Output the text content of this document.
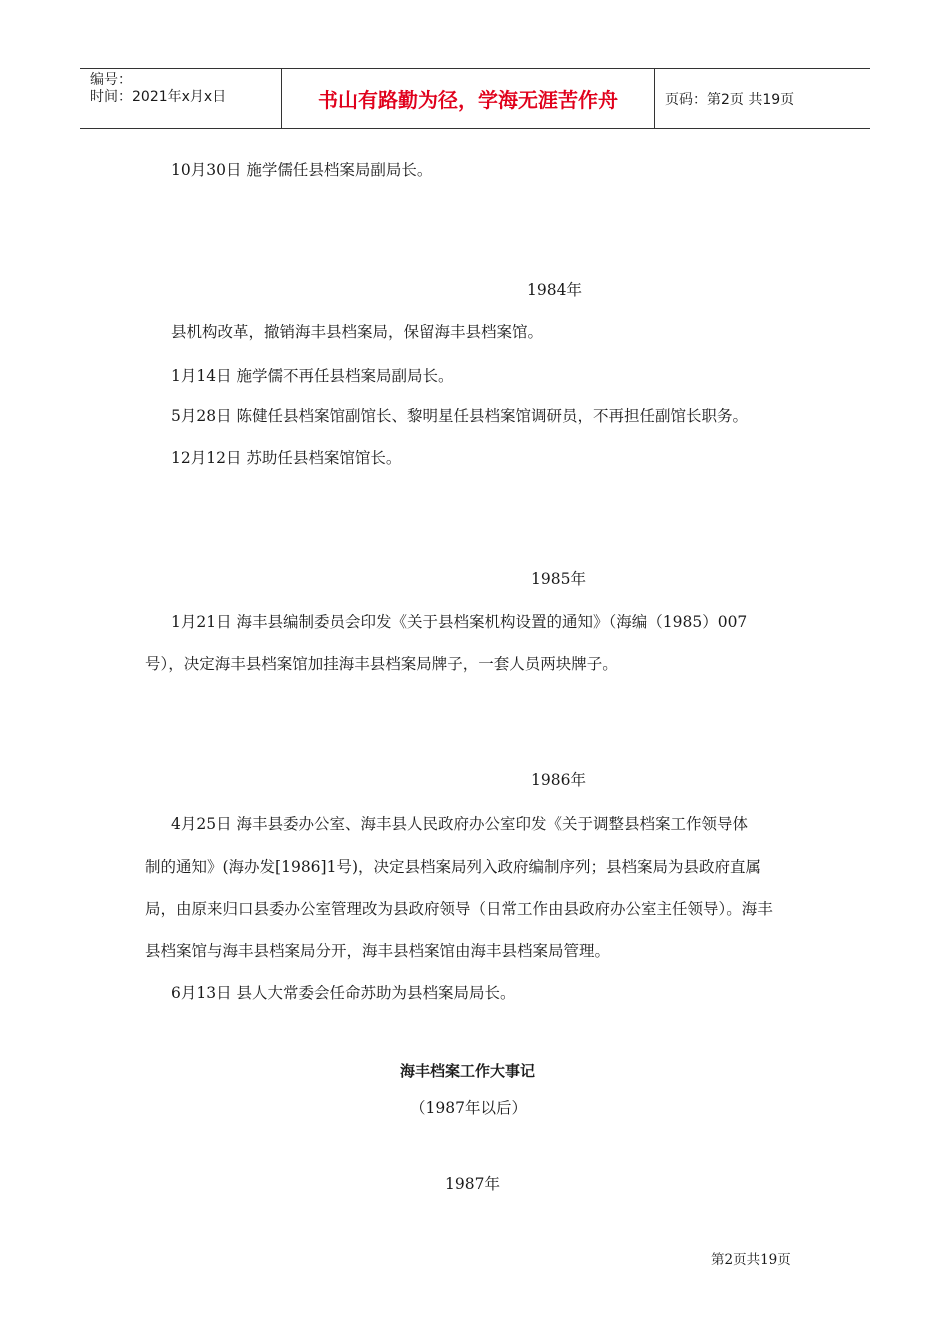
编号：
时间：2021年x月x日	书山有路勤为径，学海无涯苦作舟	页码：第2页 共19页
10月30日 施学儒任县档案局副局长。
1984年
县机构改革，撤销海丰县档案局，保留海丰县档案馆。
1月14日 施学儒不再任县档案局副局长。
5月28日 陈健任县档案馆副馆长、黎明星任县档案馆调研员，不再担任副馆长职务。
12月12日 苏助任县档案馆馆长。
1985年
1月21日 海丰县编制委员会印发《关于县档案机构设置的通知》（海编（1985）007
号），决定海丰县档案馆加挂海丰县档案局牌子，一套人员两块牌子。
1986年
4月25日 海丰县委办公室、海丰县人民政府办公室印发《关于调整县档案工作领导体
制的通知》(海办发[1986]1号)，决定县档案局列入政府编制序列；县档案局为县政府直属
局，由原来归口县委办公室管理改为县政府领导（日常工作由县政府办公室主任领导）。海丰
县档案馆与海丰县档案局分开，海丰县档案馆由海丰县档案局管理。
6月13日 县人大常委会任命苏助为县档案局局长。
海丰档案工作大事记
（1987年以后）
1987年
第2页共19页
